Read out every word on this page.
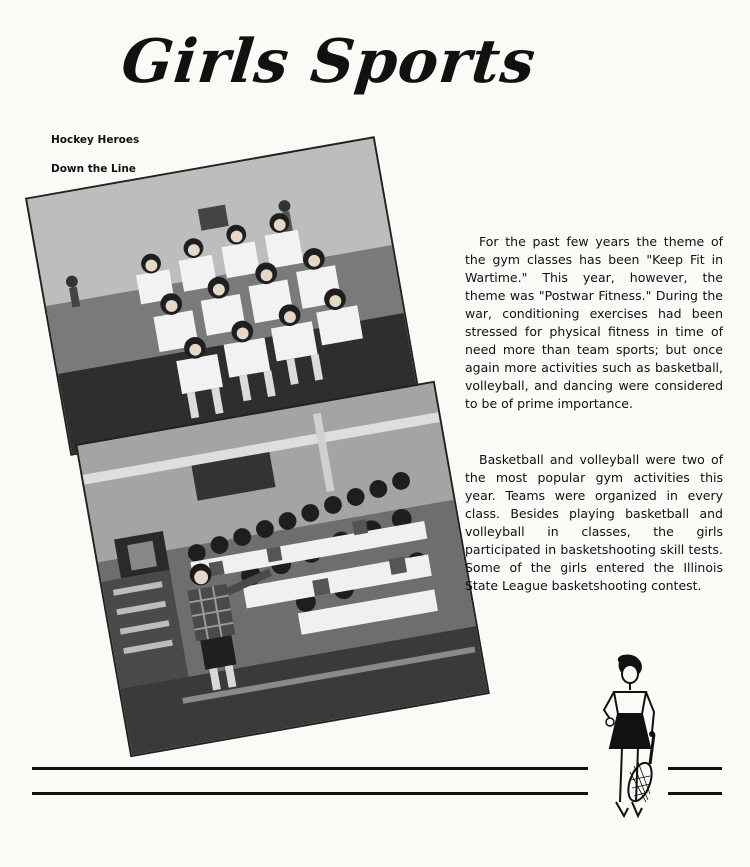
Girls Sports
Hockey Heroes
Down the Line

For the past few years the theme of the gym classes has been "Keep Fit in Wartime." This year, however, the theme was "Postwar Fitness." During the war, conditioning exercises had been stressed for physical fitness in time of need more than team sports; but once again more activities such as basketball, volleyball, and dancing were considered to be of prime importance.

Basketball and volleyball were two of the most popular gym activities this year. Teams were organized in every class. Besides playing basketball and volleyball in classes, the girls participated in basketshooting skill tests. Some of the girls entered the Illinois State League basketshooting contest.
